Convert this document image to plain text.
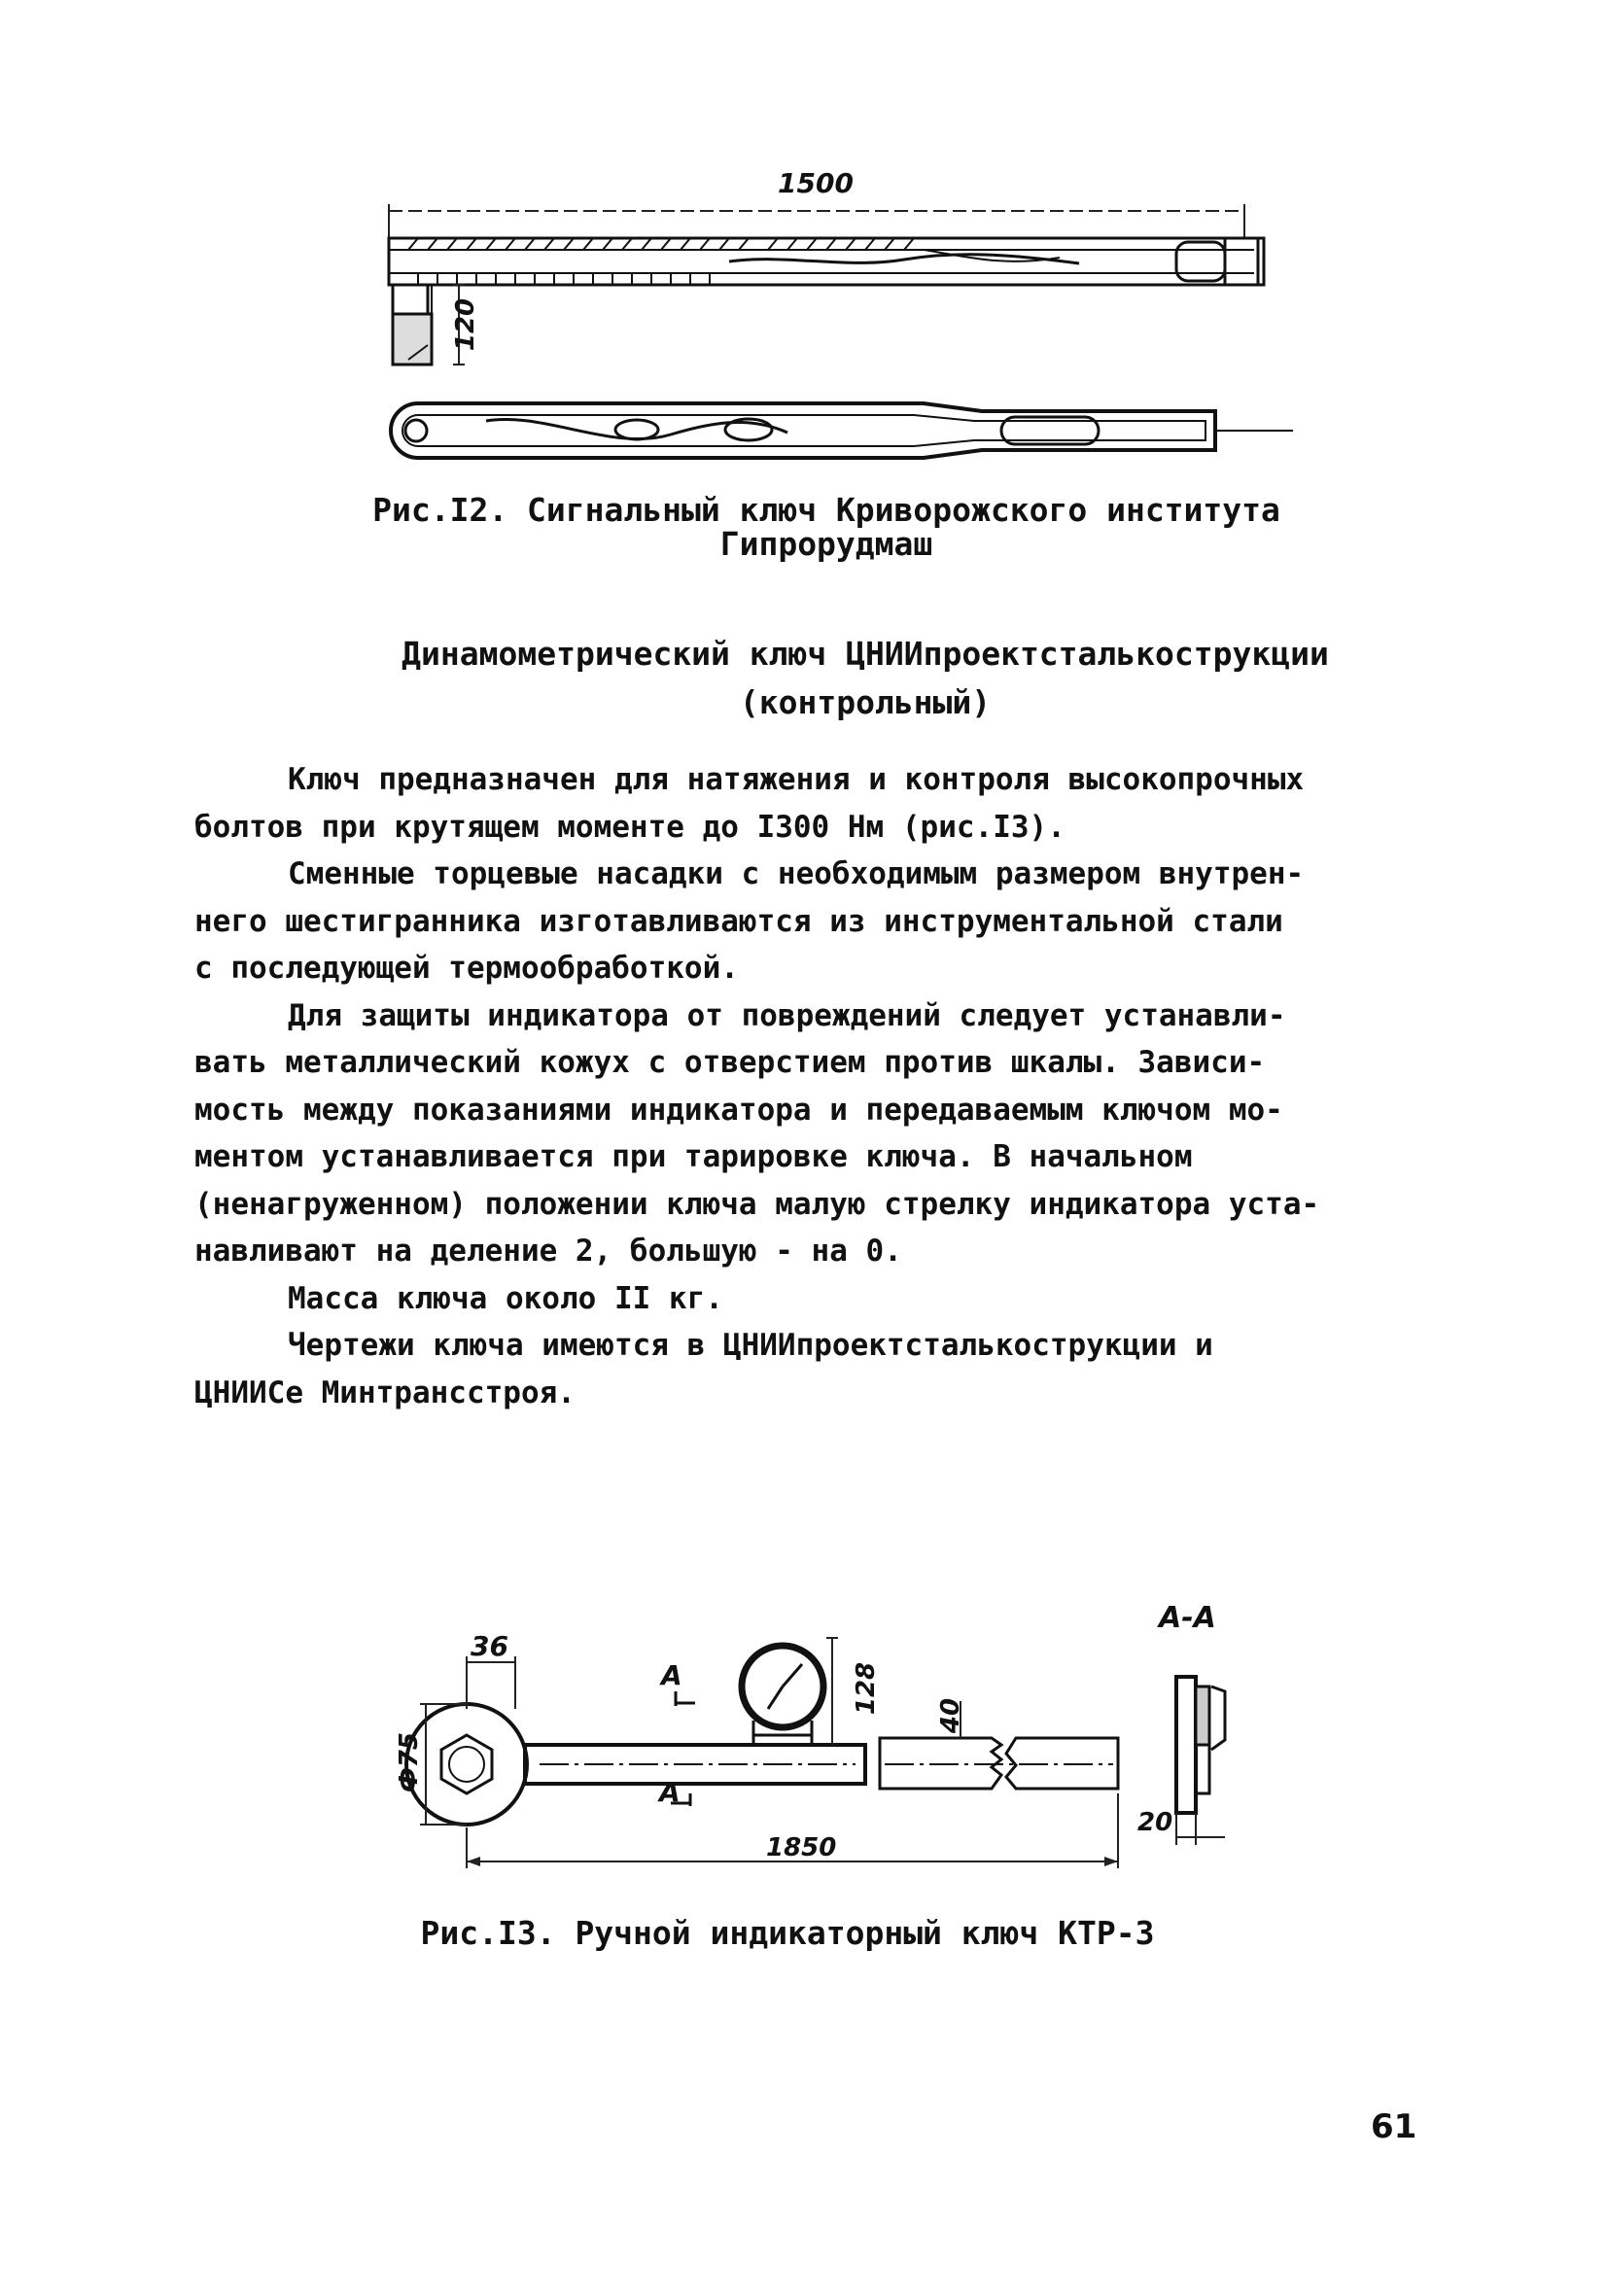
1500
120
Рис.I2. Сигнальный ключ Криворожского института
Гипрорудмаш
Динамометрический ключ ЦНИИпроектсталькострукции
(контрольный)

Ключ предназначен для натяжения и контроля высокопрочных
болтов при крутящем моменте до I300 Нм (рис.I3).

Сменные торцевые насадки с необходимым размером внутрен-
него шестигранника изготавливаются из инструментальной стали
с последующей термообработкой.

Для защиты индикатора от повреждений следует устанавли-
вать металлический кожух с отверстием против шкалы. Зависи-
мость между показаниями индикатора и передаваемым ключом мо-
ментом устанавливается при тарировке ключа. В начальном
(ненагруженном) положении ключа малую стрелку индикатора уста-
навливают на деление 2, большую - на 0.

Масса ключа около II кг.

Чертежи ключа имеются в ЦНИИпроектсталькострукции и
ЦНИИСе Минтрансстроя.

36
Ф75
128
40
1850
20
А
А
А-А
Рис.I3. Ручной индикаторный ключ КТР-3
61
